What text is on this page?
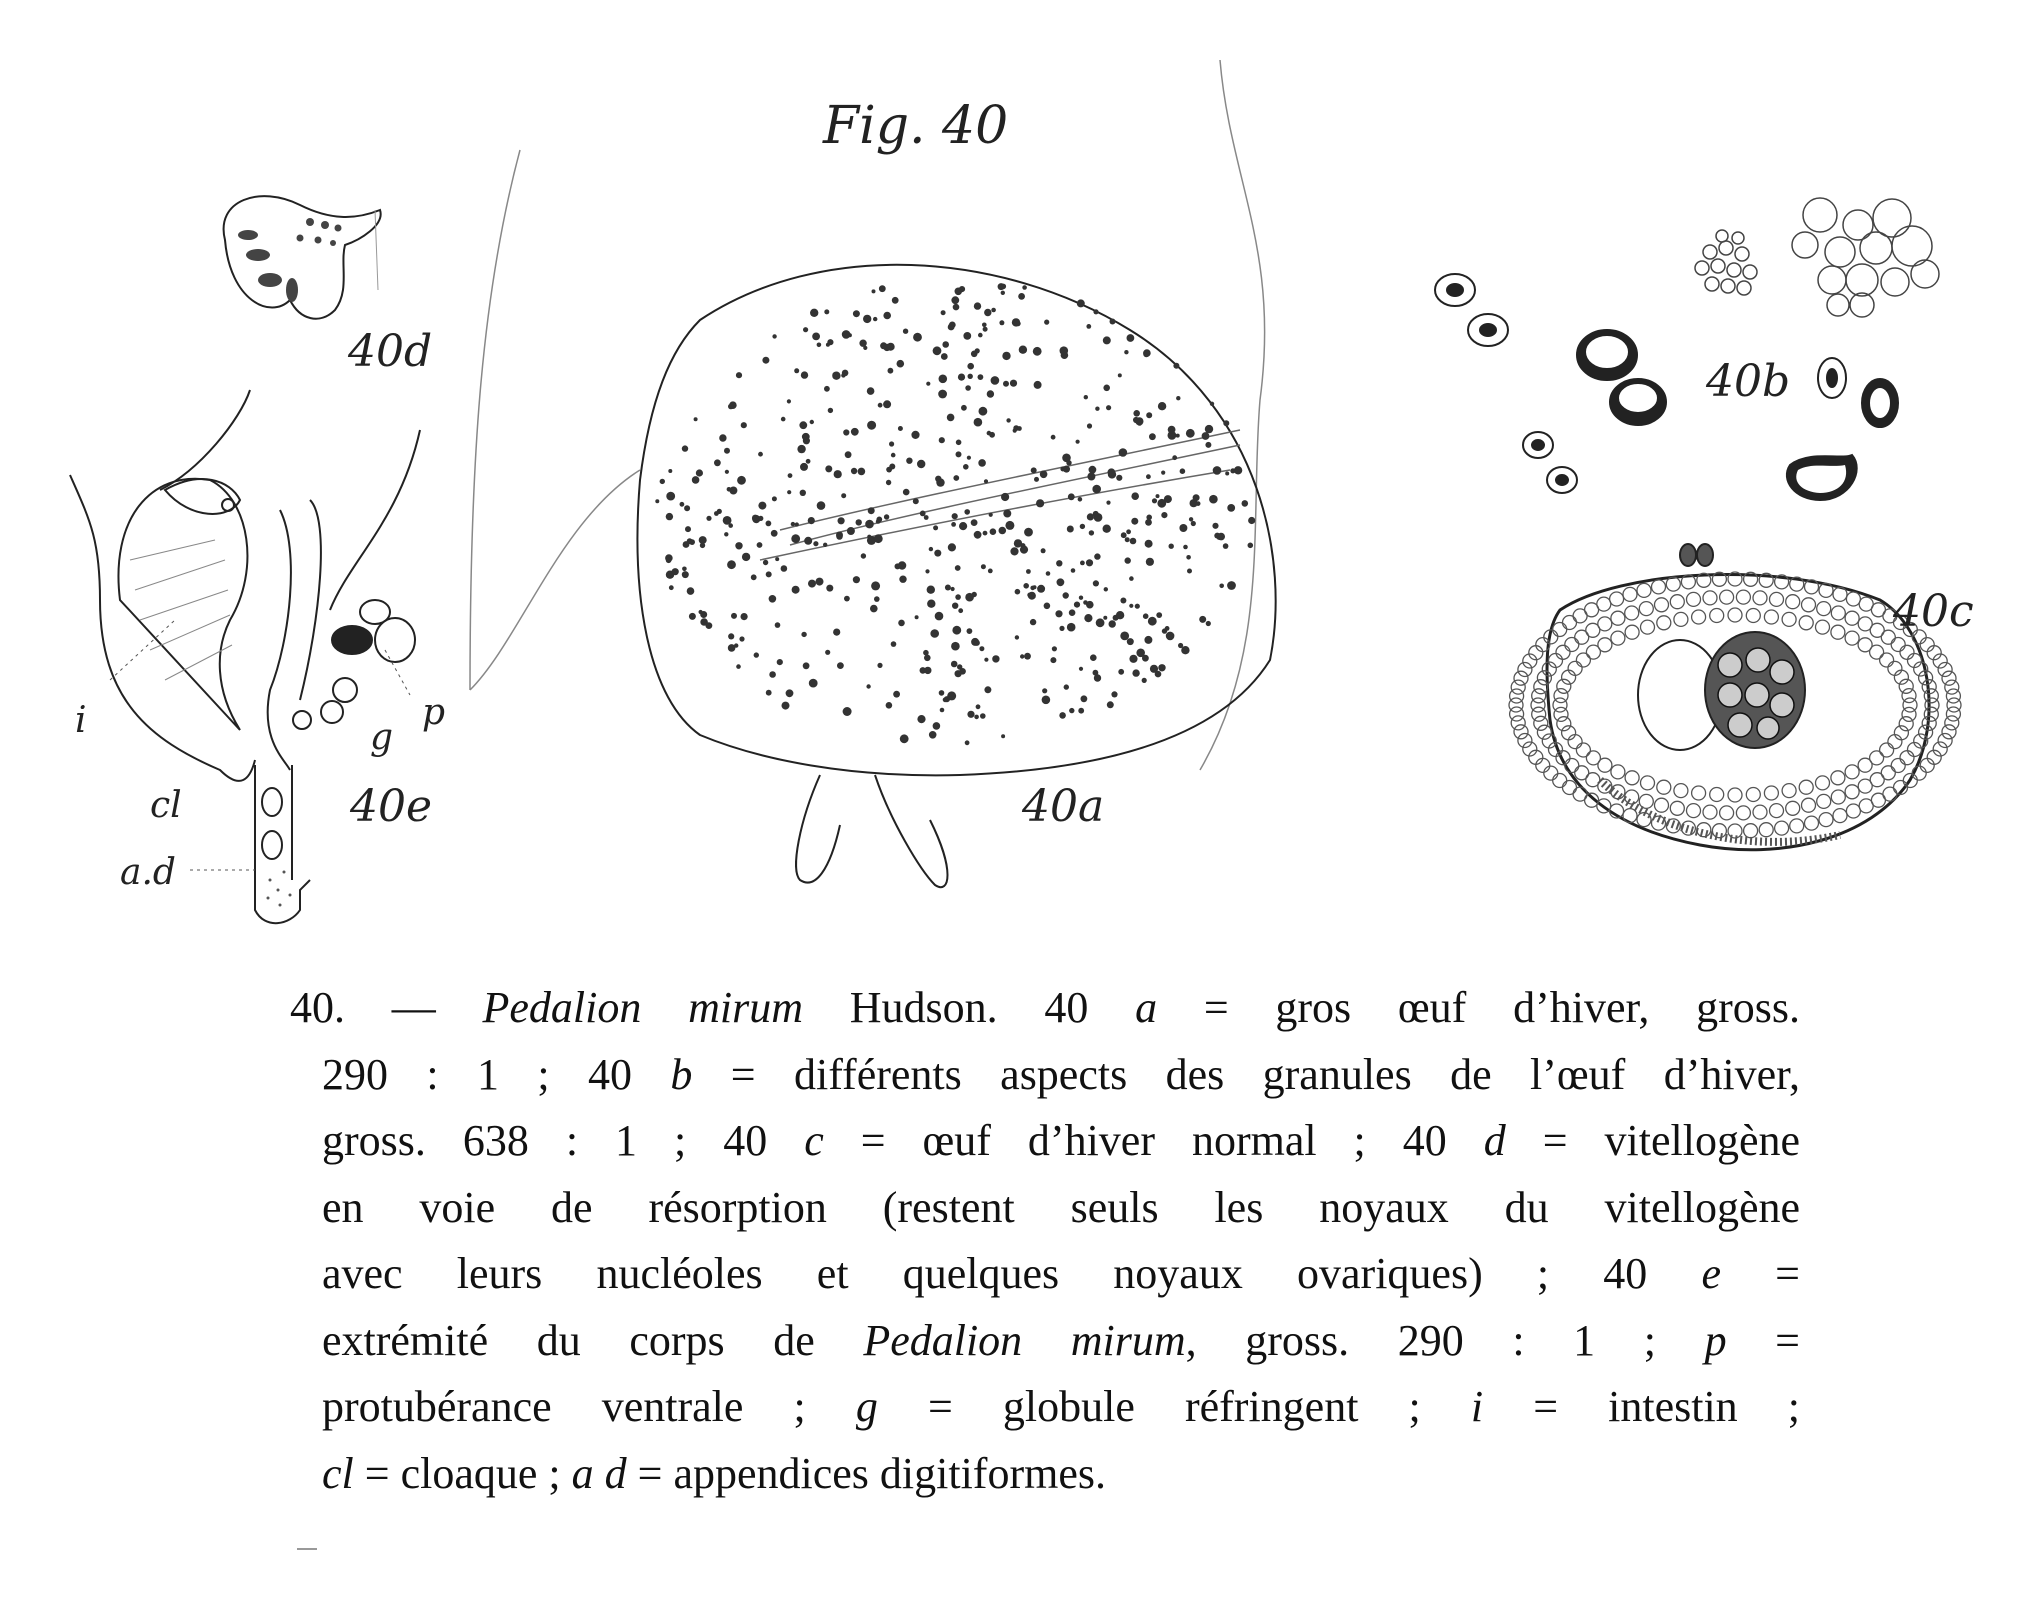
Fig. 40
40d
40e	40a
40b
40c
i
cl
a.d
p
g
40. — Pedalion mirum Hudson. 40 a = gros œuf d’hiver, gross.
290 : 1 ; 40 b = différents aspects des granules de l’œuf d’hiver,
gross. 638 : 1 ; 40 c = œuf d’hiver normal ; 40 d = vitellogène
en voie de résorption (restent seuls les noyaux du vitellogène
avec leurs nucléoles et quelques noyaux ovariques) ; 40 e =
extrémité du corps de Pedalion mirum, gross. 290 : 1 ; p =
protubérance ventrale ; g = globule réfringent ; i = intestin ;
cl = cloaque ; a d = appendices digitiformes.
